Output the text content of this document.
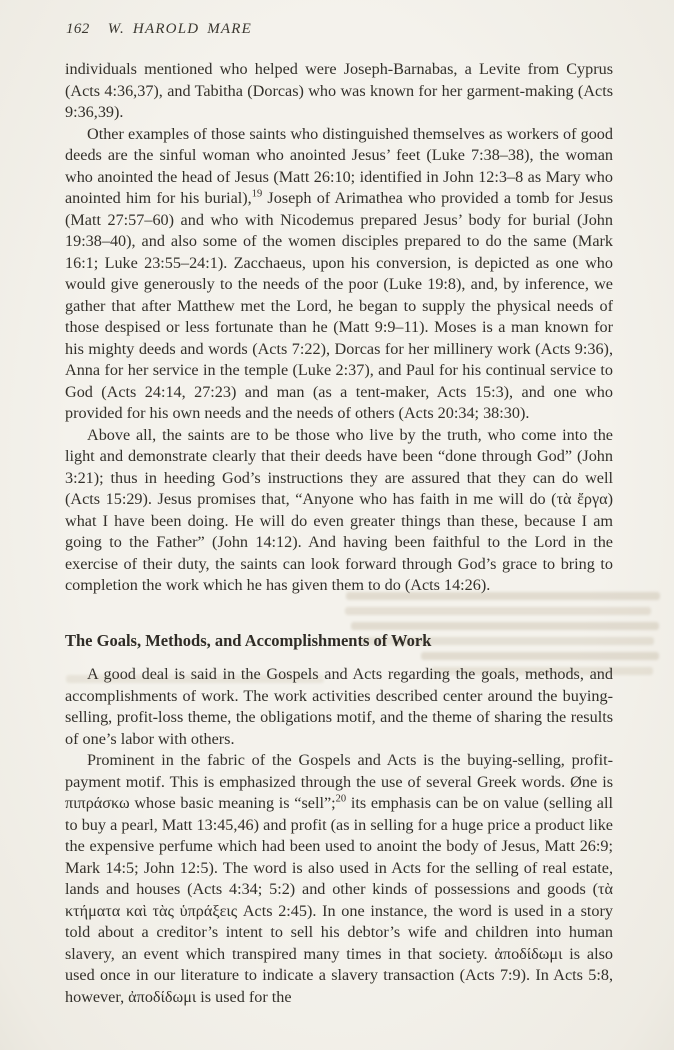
162 W. HAROLD MARE

individuals mentioned who helped were Joseph-Barnabas, a Levite from Cyprus (Acts 4:36,37), and Tabitha (Dorcas) who was known for her garment-making (Acts 9:36,39).

Other examples of those saints who distinguished themselves as workers of good deeds are the sinful woman who anointed Jesus’ feet (Luke 7:38–38), the woman who anointed the head of Jesus (Matt 26:10; identified in John 12:3–8 as Mary who anointed him for his burial),$^{19}$ Joseph of Arimathea who provided a tomb for Jesus (Matt 27:57–60) and who with Nicodemus prepared Jesus’ body for burial (John 19:38–40), and also some of the women disciples prepared to do the same (Mark 16:1; Luke 23:55–24:1). Zacchaeus, upon his conversion, is depicted as one who would give generously to the needs of the poor (Luke 19:8), and, by inference, we gather that after Matthew met the Lord, he began to supply the physical needs of those despised or less fortunate than he (Matt 9:9–11). Moses is a man known for his mighty deeds and words (Acts 7:22), Dorcas for her millinery work (Acts 9:36), Anna for her service in the temple (Luke 2:37), and Paul for his continual service to God (Acts 24:14, 27:23) and man (as a tent-maker, Acts 15:3), and one who provided for his own needs and the needs of others (Acts 20:34; 38:30).

Above all, the saints are to be those who live by the truth, who come into the light and demonstrate clearly that their deeds have been “done through God” (John 3:21); thus in heeding God’s instructions they are assured that they can do well (Acts 15:29). Jesus promises that, “Anyone who has faith in me will do (τὰ ἔργα) what I have been doing. He will do even greater things than these, because I am going to the Father” (John 14:12). And having been faithful to the Lord in the exercise of their duty, the saints can look forward through God’s grace to bring to completion the work which he has given them to do (Acts 14:26).

The Goals, Methods, and Accomplishments of Work

A good deal is said in the Gospels and Acts regarding the goals, methods, and accomplishments of work. The work activities described center around the buying-selling, profit-loss theme, the obligations motif, and the theme of sharing the results of one’s labor with others.

Prominent in the fabric of the Gospels and Acts is the buying-selling, profit-payment motif. This is emphasized through the use of several Greek words. Øne is πιπράσκω whose basic meaning is “sell”;$^{20}$ its emphasis can be on value (selling all to buy a pearl, Matt 13:45,46) and profit (as in selling for a huge price a product like the expensive perfume which had been used to anoint the body of Jesus, Matt 26:9; Mark 14:5; John 12:5). The word is also used in Acts for the selling of real estate, lands and houses (Acts 4:34; 5:2) and other kinds of possessions and goods (τὰ κτήματα καὶ τὰς ὑπράξεις Acts 2:45). In one instance, the word is used in a story told about a creditor’s intent to sell his debtor’s wife and children into human slavery, an event which transpired many times in that society. ἀποδίδωμι is also used once in our literature to indicate a slavery transaction (Acts 7:9). In Acts 5:8, however, ἀποδίδωμι is used for the
